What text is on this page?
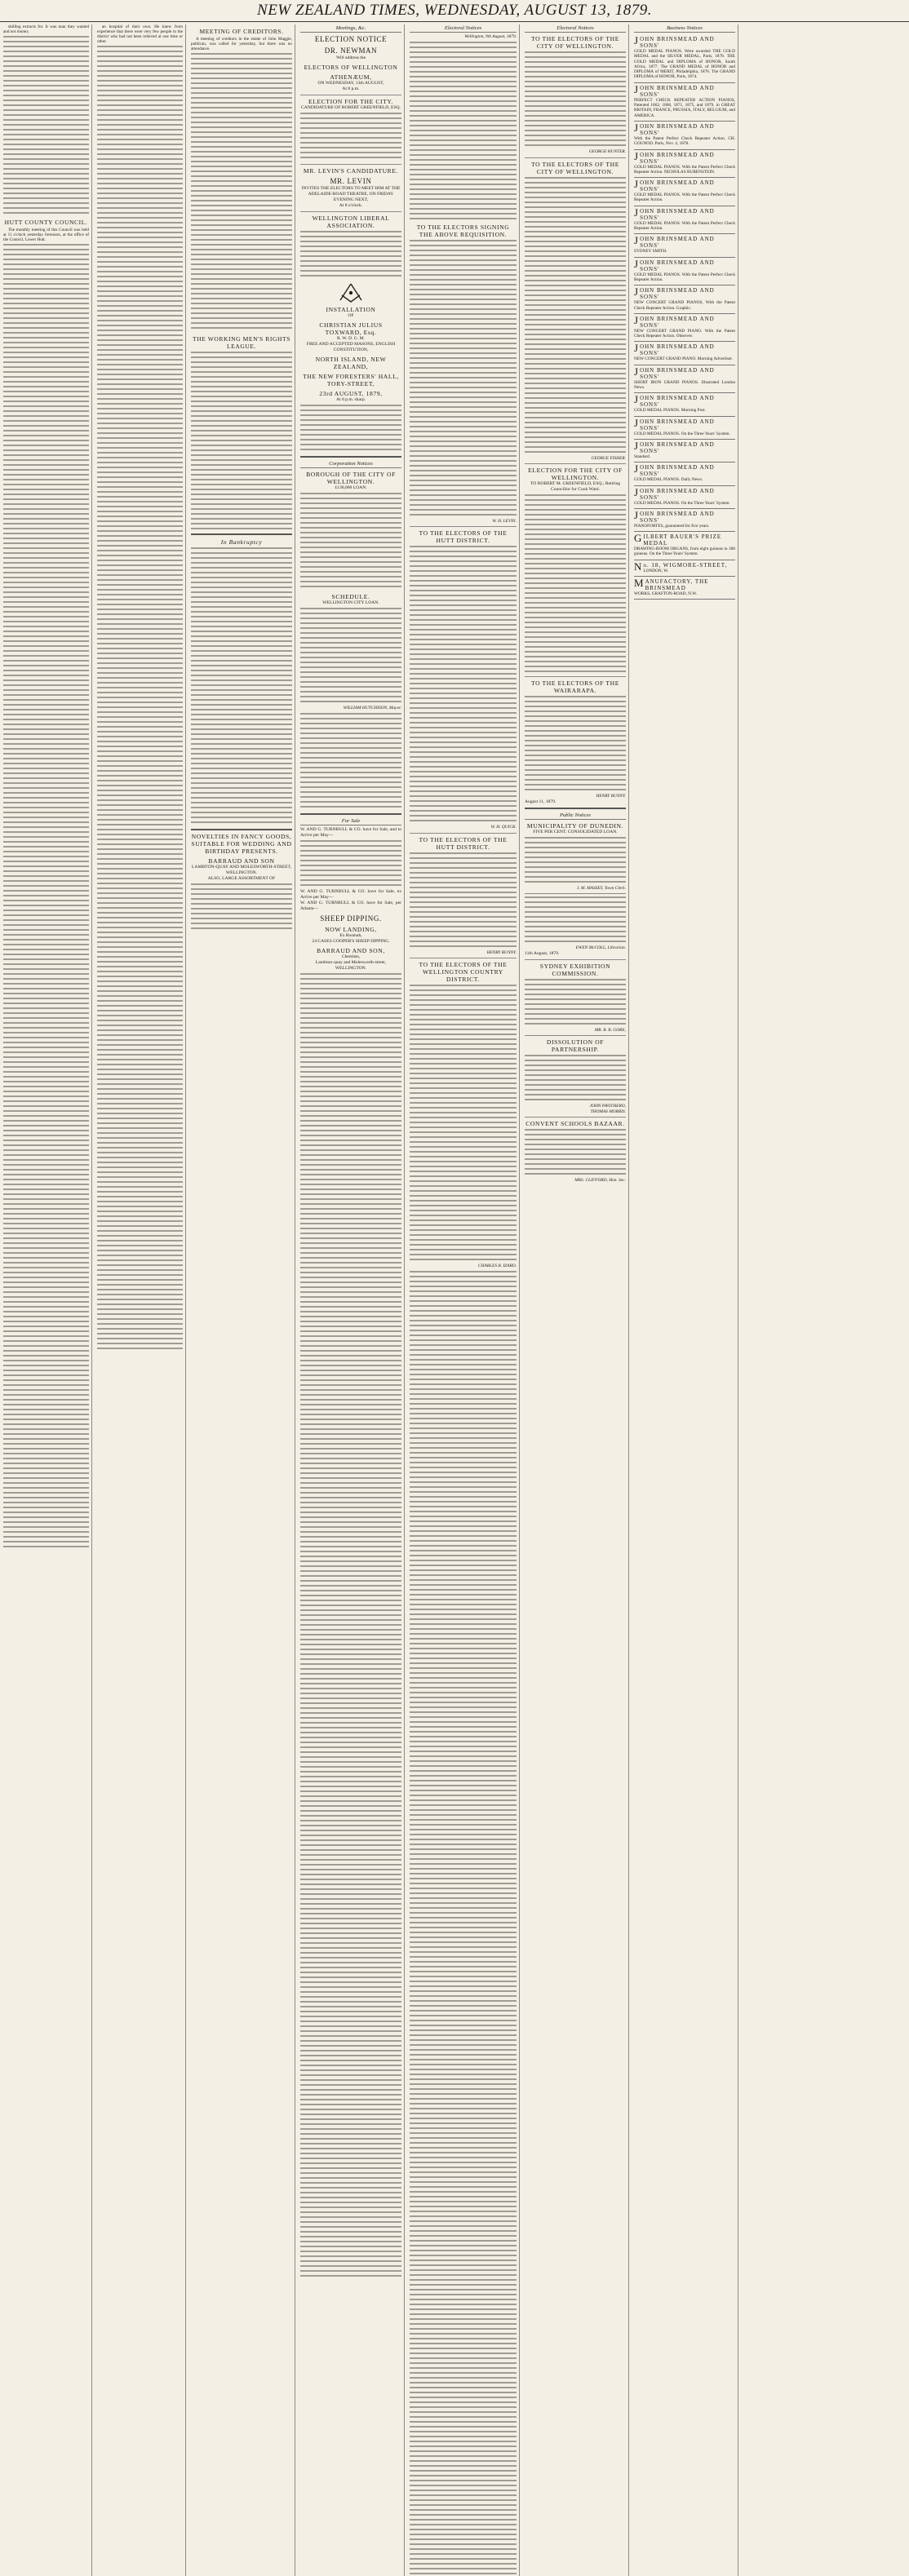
NEW ZEALAND TIMES, WEDNESDAY, AUGUST 13, 1879.
shilling extracts for. It was man they wanted and not money.
HUTT COUNTY COUNCIL.
The monthly meeting of this Council was held at 11 o'clock yesterday forenoon, at the office of the Council, Lower Hutt.
an hospital of their own. He knew from experience that there were very few people in the district who had not been relieved at one time or other.
MEETING OF CREDITORS.
A meeting of creditors in the estate of John Maggie, publican, was called for yesterday, but there was no attendance.
THE WORKING MEN'S RIGHTS LEAGUE.
In Bankruptcy
NOVELTIES IN FANCY GOODS, SUITABLE FOR WEDDING AND BIRTHDAY PRESENTS.
BARRAUD AND SON
LAMBTON-QUAY AND MOLESWORTH-STREET, WELLINGTON.
ALSO, LARGE ASSORTMENT OF
Meetings, &c.
ELECTION NOTICE
DR. NEWMAN
Will address the
ELECTORS OF WELLINGTON
ATHENÆUM,
ON WEDNESDAY, 13th AUGUST,
At 8 p.m.
ELECTION FOR THE CITY.
CANDIDATURE OF ROBERT GREENFIELD, ESQ.
MR. LEVIN'S CANDIDATURE.
MR. LEVIN
INVITES THE ELECTORS TO MEET HIM AT THE ADELAIDE-ROAD THEATRE, ON FRIDAY EVENING NEXT,
At 8 o'clock.
WELLINGTON LIBERAL ASSOCIATION.
INSTALLATION
OF
CHRISTIAN JULIUS TOXWARD, Esq.
R. W. D. G. M.
FREE AND ACCEPTED MASONS, ENGLISH CONSTITUTION,
NORTH ISLAND, NEW ZEALAND,
THE NEW FORESTERS' HALL, TORY-STREET,
23rd AUGUST, 1879,
At 8 p.m. sharp.
Corporation Notices
BOROUGH OF THE CITY OF WELLINGTON.
£130,000 LOAN.
SCHEDULE.
WELLINGTON CITY LOAN.
WILLIAM HUTCHISON, Mayor.
For Sale
W. AND G. TURNBULL & CO. have for Sale, and to Arrive per May—
W. AND G. TURNBULL & CO. have for Sale, ex Arrive per May—
W. AND G. TURNBULL & CO. have for Sale, per Atlanta—
SHEEP DIPPING.
NOW LANDING,
Ex Rosmah,
24 CASES COOPER'S SHEEP DIPPING.
BARRAUD AND SON,
Chemists,
Lambton-quay and Molesworth-street, WELLINGTON.
Electoral Notices
Wellington, 9th August, 1879.
TO THE ELECTORS SIGNING THE ABOVE REQUISITION.
W. H. LEVIN.
TO THE ELECTORS OF THE HUTT DISTRICT.
W. H. QUICK.
TO THE ELECTORS OF THE HUTT DISTRICT.
HENRY BUNNY.
TO THE ELECTORS OF THE WELLINGTON COUNTRY DISTRICT.
CHARLES B. IZARD.
Electoral Notices
TO THE ELECTORS OF THE CITY OF WELLINGTON.
GEORGE HUNTER.
TO THE ELECTORS OF THE CITY OF WELLINGTON.
GEORGE FISHER.
ELECTION FOR THE CITY OF WELLINGTON.
TO ROBERT M. GREENFIELD, ESQ.; Retiring Councillor for Cook Ward.
TO THE ELECTORS OF THE WAIRARAPA.
HENRY BUNNY.
August 11, 1879.
Public Notices
MUNICIPALITY OF DUNEDIN.
FIVE PER CENT. CONSOLIDATED LOAN.
J. M. MASSEY, Town Clerk.
EWEN McCOLL, Librarian.
11th August, 1879.
SYDNEY EXHIBITION COMMISSION.
MR. R. B. GORE,
DISSOLUTION OF PARTNERSHIP.
JOHN PROTHERO,
THOMAS MORRIS.
CONVENT SCHOOLS BAZAAR.
MRS. CLIFFORD, Hon. Sec.
Business Notices
JOHN BRINSMEAD AND SONS'
GOLD MEDAL PIANOS. Were awarded THE GOLD MEDAL and the SILVER MEDAL, Paris, 1878. THE GOLD MEDAL and DIPLOMA of HONOR, South Africa, 1877. The GRAND MEDAL of HONOR and DIPLOMA of MERIT, Philadelphia, 1876. The GRAND DIPLOMA of HONOR, Paris, 1874.
JOHN BRINSMEAD AND SONS'
PERFECT CHECK REPEATER ACTION PIANOS, Patented 1862, 1868, 1871, 1875, and 1879, in GREAT BRITAIN, FRANCE, PRUSSIA, ITALY, BELGIUM, and AMERICA.
JOHN BRINSMEAD AND SONS'
With the Patent Perfect Check Repeater Action. CH. GOUNOD. Paris, Nov. 4, 1878.
JOHN BRINSMEAD AND SONS'
GOLD MEDAL PIANOS. With the Patent Perfect Check Repeater Action. NICHOLAS RUBENSTEIN.
JOHN BRINSMEAD AND SONS'
GOLD MEDAL PIANOS. With the Patent Perfect Check Repeater Action.
JOHN BRINSMEAD AND SONS'
GOLD MEDAL PIANOS. With the Patent Perfect Check Repeater Action.
JOHN BRINSMEAD AND SONS'
SYDNEY SMITH.
JOHN BRINSMEAD AND SONS'
GOLD MEDAL PIANOS. With the Patent Perfect Check Repeater Action.
JOHN BRINSMEAD AND SONS'
NEW CONCERT GRAND PIANOS, With the Patent Check Repeater Action. Graphic.
JOHN BRINSMEAD AND SONS'
NEW CONCERT GRAND PIANO. With the Patent Check Repeater Action. Observer.
JOHN BRINSMEAD AND SONS'
NEW CONCERT GRAND PIANO. Morning Advertiser.
JOHN BRINSMEAD AND SONS'
SHORT IRON GRAND PIANOS. Illustrated London News.
JOHN BRINSMEAD AND SONS'
GOLD MEDAL PIANOS. Morning Post.
JOHN BRINSMEAD AND SONS'
GOLD MEDAL PIANOS. On the Three Years' System.
JOHN BRINSMEAD AND SONS'
Standard.
JOHN BRINSMEAD AND SONS'
GOLD MEDAL PIANOS. Daily News.
JOHN BRINSMEAD AND SONS'
GOLD MEDAL PIANOS. On the Three Years' System.
JOHN BRINSMEAD AND SONS'
PIANOFORTES, guaranteed for five years.
GILBERT BAUER'S PRIZE MEDAL
DRAWING-ROOM ORGANS, from eight guineas to 300 guineas. On the Three Years' System.
No. 18, WIGMORE-STREET,
LONDON, W.
MANUFACTORY, THE BRINSMEAD
WORKS, GRAFTON-ROAD, N.W.
